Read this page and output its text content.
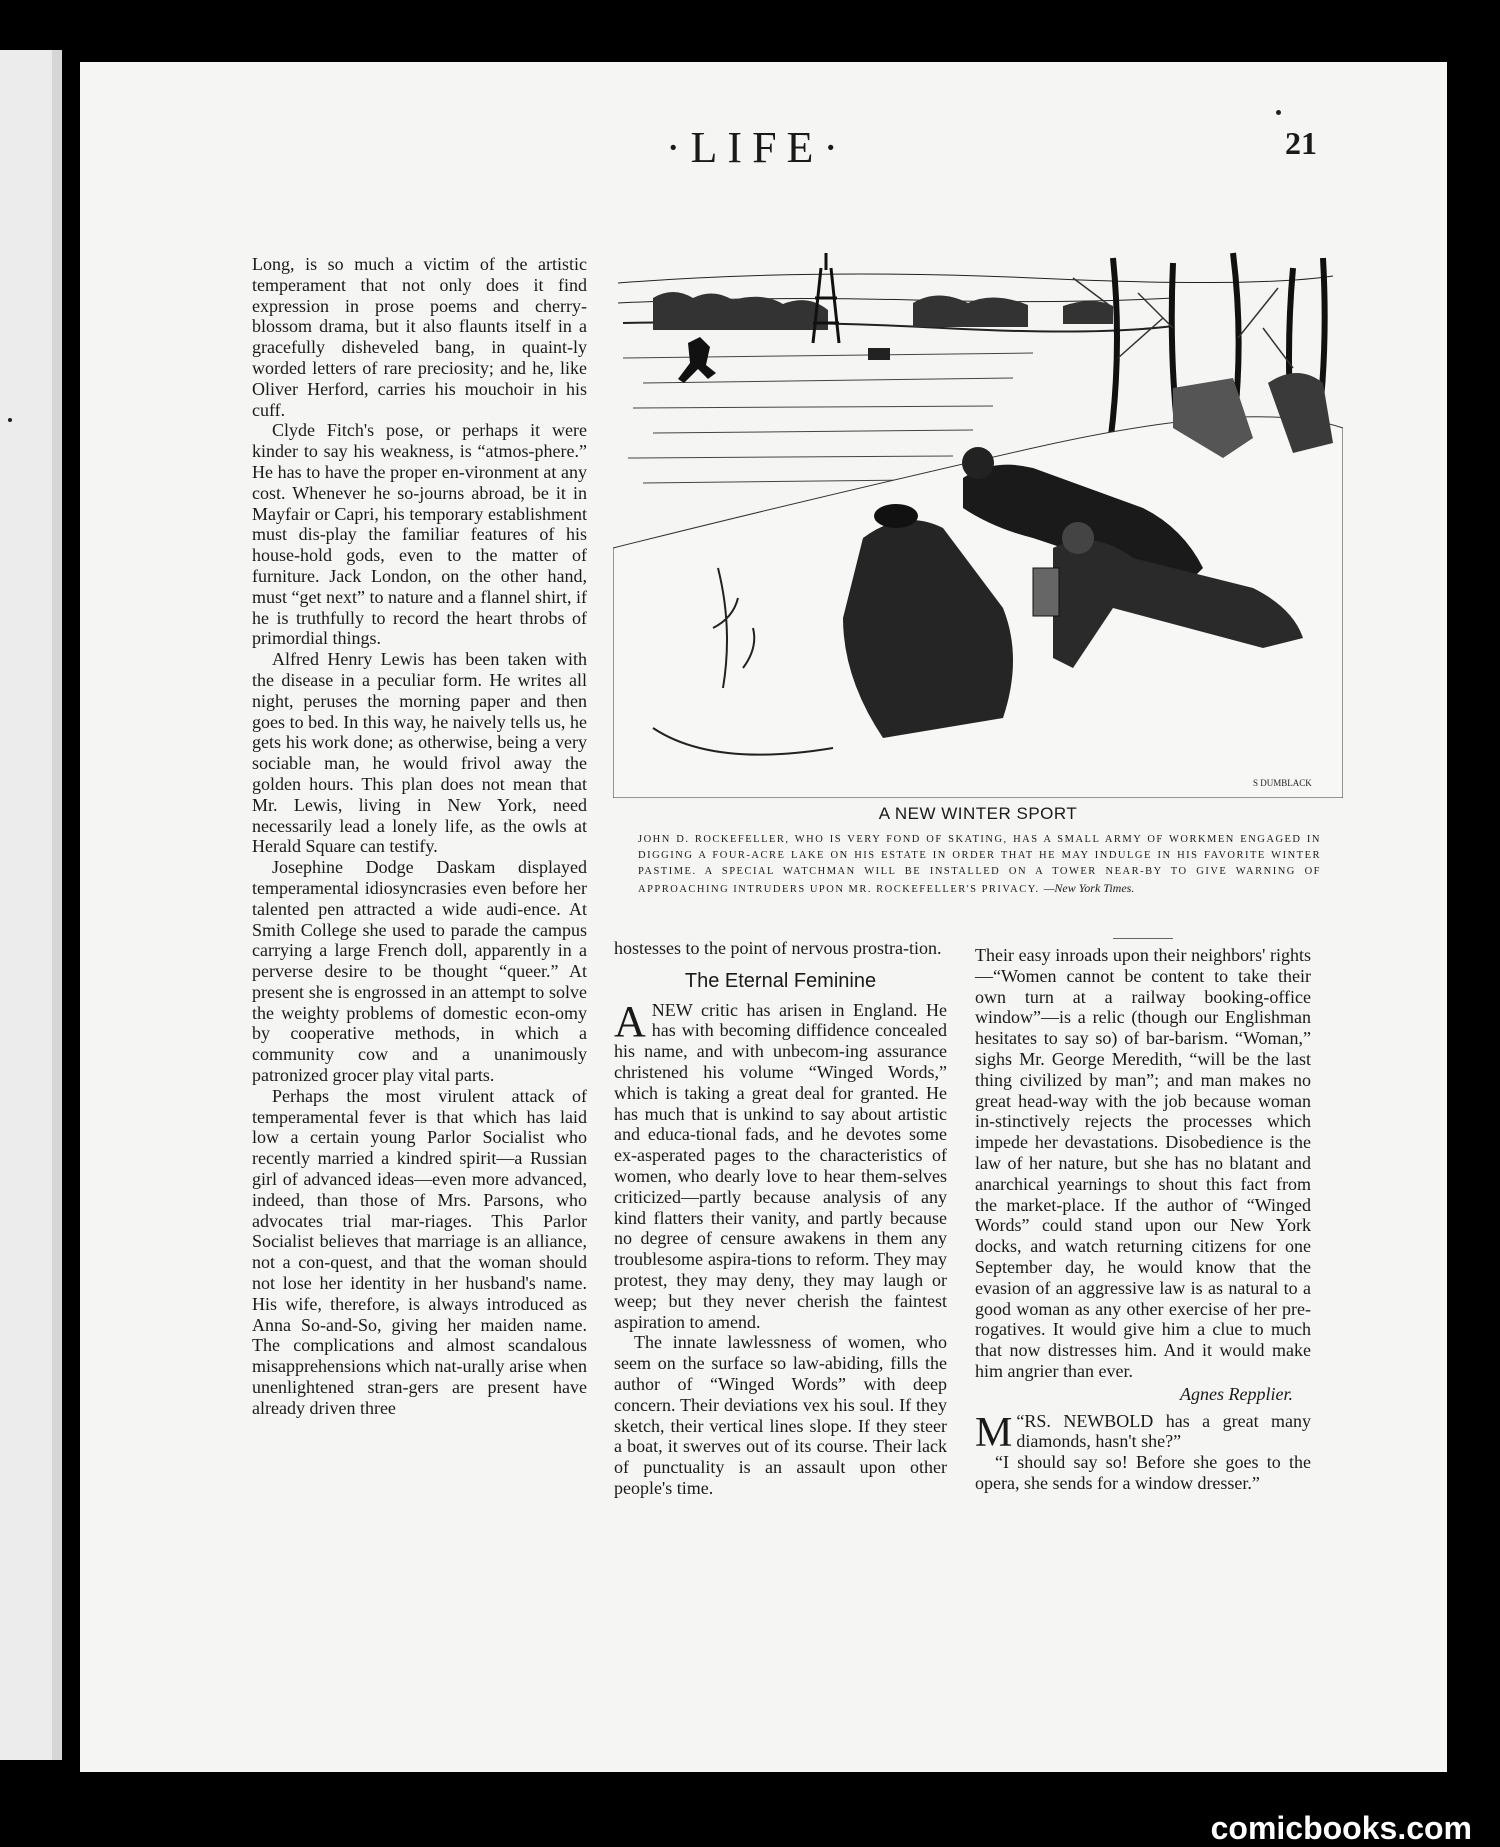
·LIFE·	21
S DUMBLACK
A NEW WINTER SPORT
JOHN D. ROCKEFELLER, WHO IS VERY FOND OF SKATING, HAS A SMALL ARMY OF WORKMEN ENGAGED IN DIGGING A FOUR-ACRE LAKE ON HIS ESTATE IN ORDER THAT HE MAY INDULGE IN HIS FAVORITE WINTER PASTIME. A SPECIAL WATCHMAN WILL BE INSTALLED ON A TOWER NEAR-BY TO GIVE WARNING OF APPROACHING INTRUDERS UPON MR. ROCKEFELLER'S PRIVACY. —New York Times.

Long, is so much a victim of the artistic temperament that not only does it find expression in prose poems and cherry-blossom drama, but it also flaunts itself in a gracefully disheveled bang, in quaint-ly worded letters of rare preciosity; and he, like Oliver Herford, carries his mouchoir in his cuff.

Clyde Fitch's pose, or perhaps it were kinder to say his weakness, is “atmos-phere.” He has to have the proper en-vironment at any cost. Whenever he so-journs abroad, be it in Mayfair or Capri, his temporary establishment must dis-play the familiar features of his house-hold gods, even to the matter of furniture. Jack London, on the other hand, must “get next” to nature and a flannel shirt, if he is truthfully to record the heart throbs of primordial things.

Alfred Henry Lewis has been taken with the disease in a peculiar form. He writes all night, peruses the morning paper and then goes to bed. In this way, he naively tells us, he gets his work done; as otherwise, being a very sociable man, he would frivol away the golden hours. This plan does not mean that Mr. Lewis, living in New York, need necessarily lead a lonely life, as the owls at Herald Square can testify.

Josephine Dodge Daskam displayed temperamental idiosyncrasies even before her talented pen attracted a wide audi-ence. At Smith College she used to parade the campus carrying a large French doll, apparently in a perverse desire to be thought “queer.” At present she is engrossed in an attempt to solve the weighty problems of domestic econ-omy by cooperative methods, in which a community cow and a unanimously patronized grocer play vital parts.

Perhaps the most virulent attack of temperamental fever is that which has laid low a certain young Parlor Socialist who recently married a kindred spirit—a Russian girl of advanced ideas—even more advanced, indeed, than those of Mrs. Parsons, who advocates trial mar-riages. This Parlor Socialist believes that marriage is an alliance, not a con-quest, and that the woman should not lose her identity in her husband's name. His wife, therefore, is always introduced as Anna So-and-So, giving her maiden name. The complications and almost scandalous misapprehensions which nat-urally arise when unenlightened stran-gers are present have already driven three

hostesses to the point of nervous prostra-tion.

The Eternal Feminine

ANEW critic has arisen in England. He has with becoming diffidence concealed his name, and with unbecom-ing assurance christened his volume “Winged Words,” which is taking a great deal for granted. He has much that is unkind to say about artistic and educa-tional fads, and he devotes some ex-asperated pages to the characteristics of women, who dearly love to hear them-selves criticized—partly because analysis of any kind flatters their vanity, and partly because no degree of censure awakens in them any troublesome aspira-tions to reform. They may protest, they may deny, they may laugh or weep; but they never cherish the faintest aspiration to amend.

The innate lawlessness of women, who seem on the surface so law-abiding, fills the author of “Winged Words” with deep concern. Their deviations vex his soul. If they sketch, their vertical lines slope. If they steer a boat, it swerves out of its course. Their lack of punctuality is an assault upon other people's time.

Their easy inroads upon their neighbors' rights—“Women cannot be content to take their own turn at a railway booking-office window”—is a relic (though our Englishman hesitates to say so) of bar-barism. “Woman,” sighs Mr. George Meredith, “will be the last thing civilized by man”; and man makes no great head-way with the job because woman in-stinctively rejects the processes which impede her devastations. Disobedience is the law of her nature, but she has no blatant and anarchical yearnings to shout this fact from the market-place. If the author of “Winged Words” could stand upon our New York docks, and watch returning citizens for one September day, he would know that the evasion of an aggressive law is as natural to a good woman as any other exercise of her pre-rogatives. It would give him a clue to much that now distresses him. And it would make him angrier than ever.

Agnes Repplier.

“
M RS. NEWBOLD has a great many diamonds, hasn't she?”

“I should say so! Before she goes to the opera, she sends for a window dresser.”

comicbooks.com
